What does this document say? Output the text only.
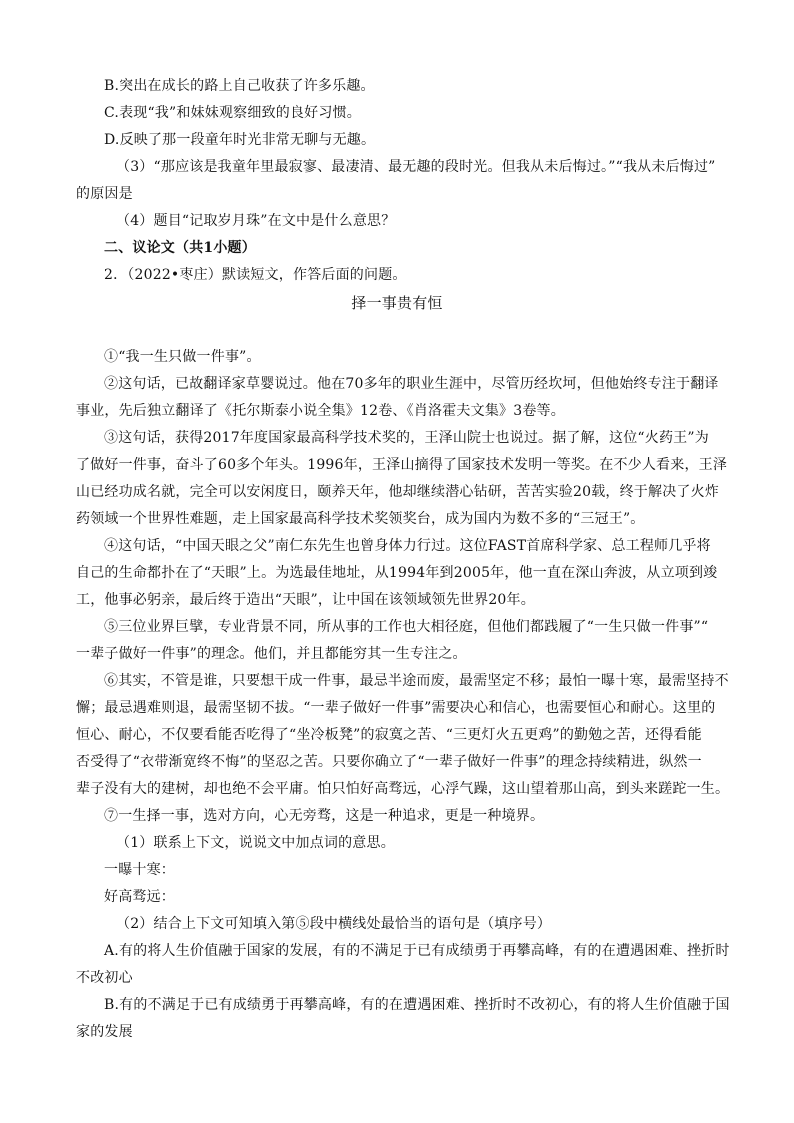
B.突出在成长的路上自己收获了许多乐趣。
C.表现“我”和妹妹观察细致的良好习惯。
D.反映了那一段童年时光非常无聊与无趣。
（3）“那应该是我童年里最寂寥、最凄清、最无趣的段时光。但我从未后悔过。”“我从未后悔过”
的原因是
（4）题目“记取岁月珠”在文中是什么意思？
二、议论文（共1小题）
2．（2022•枣庄）默读短文，作答后面的问题。
择一事贵有恒
①“我一生只做一件事”。
②这句话，已故翻译家草婴说过。他在70多年的职业生涯中，尽管历经坎坷，但他始终专注于翻译
事业，先后独立翻译了《托尔斯泰小说全集》12卷、《肖洛霍夫文集》3卷等。
③这句话，获得2017年度国家最高科学技术奖的，王泽山院士也说过。据了解，这位“火药王”为
了做好一件事，奋斗了60多个年头。1996年，王泽山摘得了国家技术发明一等奖。在不少人看来，王泽
山已经功成名就，完全可以安闲度日，颐养天年，他却继续潜心钻研，苦苦实验20载，终于解决了火炸
药领域一个世界性难题，走上国家最高科学技术奖领奖台，成为国内为数不多的“三冠王”。
④这句话，“中国天眼之父”南仁东先生也曾身体力行过。这位FAST首席科学家、总工程师几乎将
自己的生命都扑在了“天眼”上。为选最佳地址，从1994年到2005年，他一直在深山奔波，从立项到竣
工，他事必躬亲，最后终于造出“天眼”，让中国在该领域领先世界20年。
⑤三位业界巨擘，专业背景不同，所从事的工作也大相径庭，但他们都践履了“一生只做一件事”“
一辈子做好一件事”的理念。他们，并且都能穷其一生专注之。
⑥其实，不管是谁，只要想干成一件事，最忌半途而废，最需坚定不移；最怕一曝十寒，最需坚持不
懈；最忌遇难则退，最需坚韧不拔。“一辈子做好一件事”需要决心和信心，也需要恒心和耐心。这里的
恒心、耐心，不仅要看能否吃得了“坐冷板凳”的寂寞之苦、“三更灯火五更鸡”的勤勉之苦，还得看能
否受得了“衣带渐宽终不悔”的坚忍之苦。只要你确立了“一辈子做好一件事”的理念持续精进，纵然一
辈子没有大的建树，却也绝不会平庸。怕只怕好高骛远，心浮气躁，这山望着那山高，到头来蹉跎一生。
⑦一生择一事，选对方向，心无旁骛，这是一种追求，更是一种境界。
（1）联系上下文，说说文中加点词的意思。
一曝十寒：
好高骛远：
（2）结合上下文可知填入第⑤段中横线处最恰当的语句是（填序号）
A.有的将人生价值融于国家的发展，有的不满足于已有成绩勇于再攀高峰，有的在遭遇困难、挫折时
不改初心
B.有的不满足于已有成绩勇于再攀高峰，有的在遭遇困难、挫折时不改初心，有的将人生价值融于国
家的发展
